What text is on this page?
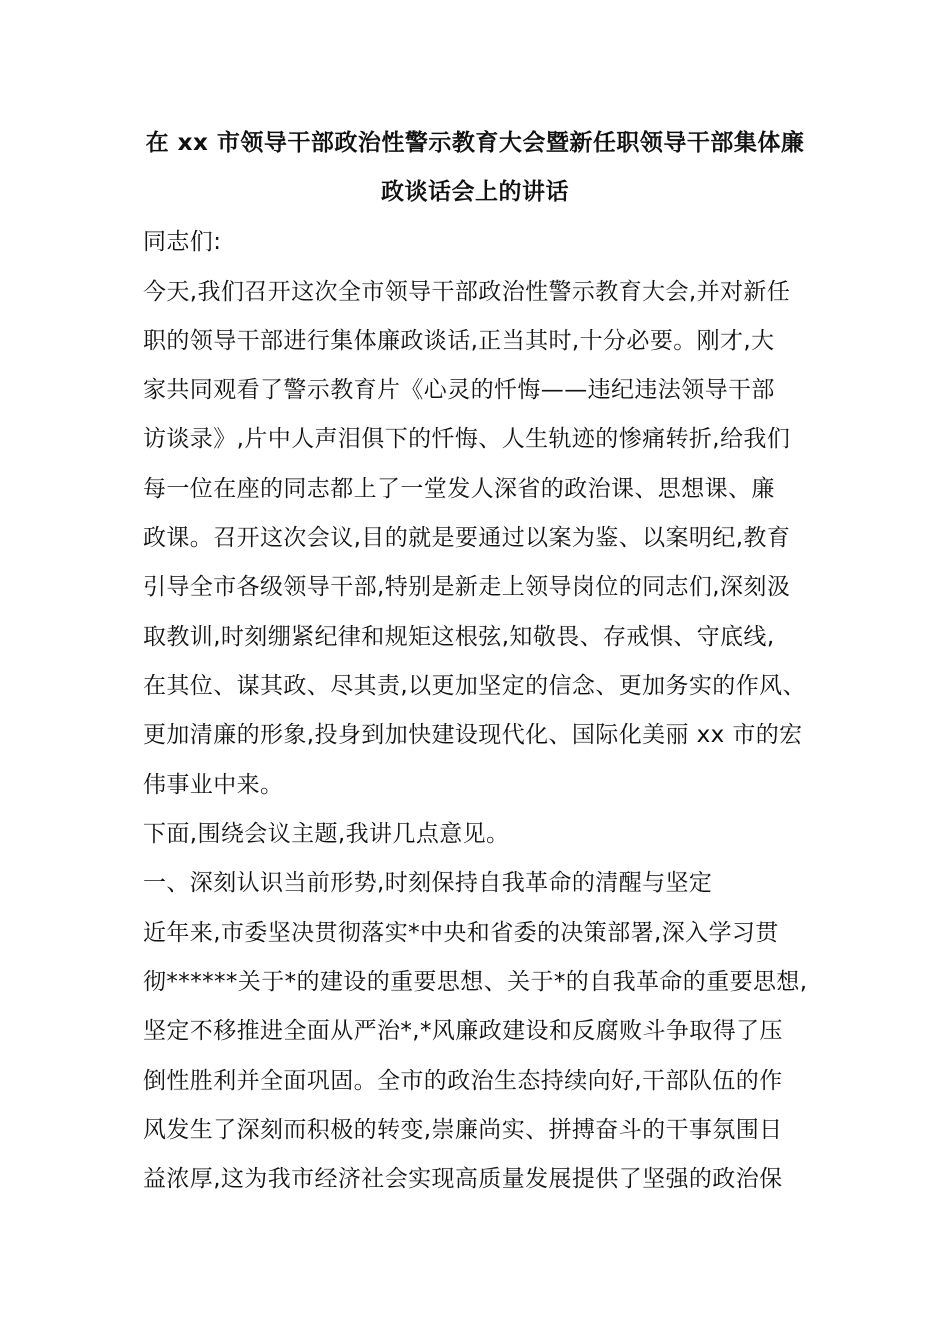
在 xx 市领导干部政治性警示教育大会暨新任职领导干部集体廉
政谈话会上的讲话
同志们:
今天,我们召开这次全市领导干部政治性警示教育大会,并对新任
职的领导干部进行集体廉政谈话,正当其时,十分必要。刚才,大
家共同观看了警示教育片《心灵的忏悔——违纪违法领导干部
访谈录》,片中人声泪俱下的忏悔、人生轨迹的惨痛转折,给我们
每一位在座的同志都上了一堂发人深省的政治课、思想课、廉
政课。召开这次会议,目的就是要通过以案为鉴、以案明纪,教育
引导全市各级领导干部,特别是新走上领导岗位的同志们,深刻汲
取教训,时刻绷紧纪律和规矩这根弦,知敬畏、存戒惧、守底线,
在其位、谋其政、尽其责,以更加坚定的信念、更加务实的作风、
更加清廉的形象,投身到加快建设现代化、国际化美丽 xx 市的宏
伟事业中来。
下面,围绕会议主题,我讲几点意见。
一、深刻认识当前形势,时刻保持自我革命的清醒与坚定
近年来,市委坚决贯彻落实*中央和省委的决策部署,深入学习贯
彻******关于*的建设的重要思想、关于*的自我革命的重要思想,
坚定不移推进全面从严治*,*风廉政建设和反腐败斗争取得了压
倒性胜利并全面巩固。全市的政治生态持续向好,干部队伍的作
风发生了深刻而积极的转变,崇廉尚实、拼搏奋斗的干事氛围日
益浓厚,这为我市经济社会实现高质量发展提供了坚强的政治保
